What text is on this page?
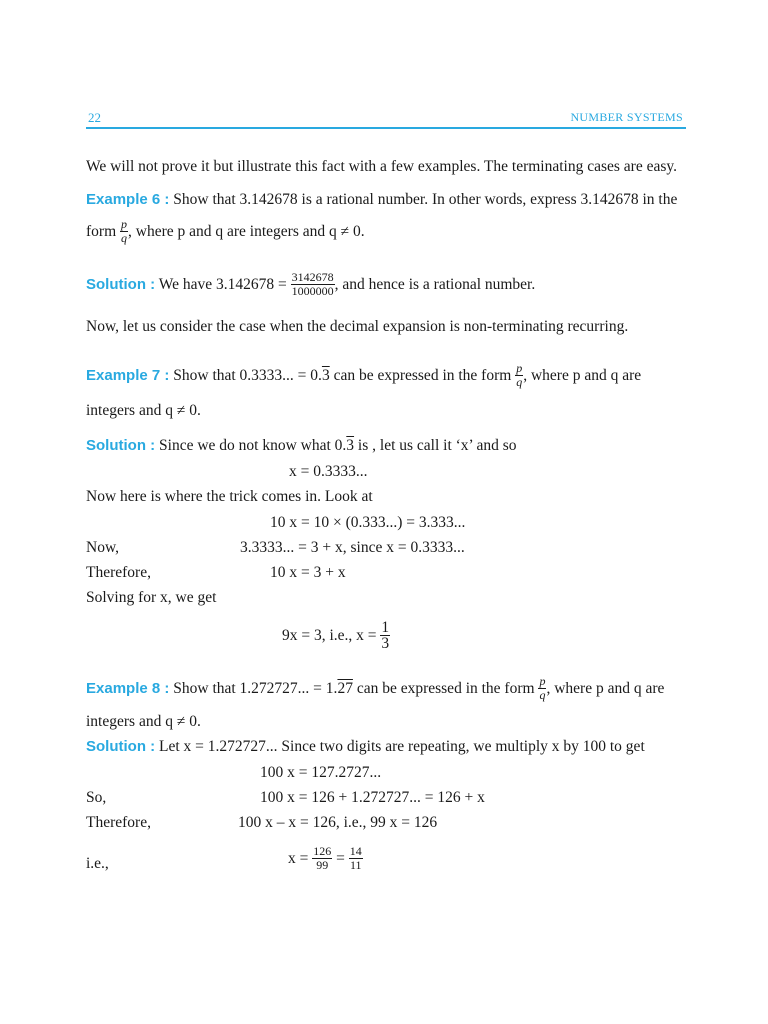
22	NUMBER SYSTEMS
We will not prove it but illustrate this fact with a few examples. The terminating cases are easy.
Example 6 : Show that 3.142678 is a rational number. In other words, express 3.142678 in the
form $\frac{p}{q}$ , where p and q are integers and q ≠ 0.
Solution : We have $3.142678 = \frac{3142678}{1000000}$ , and hence is a rational number.
Now, let us consider the case when the decimal expansion is non-terminating recurring.
Example 7 : Show that 0.3333... = 0.3 can be expressed in the form $\frac{p}{q}$ , where p and q are
integers and q ≠ 0.
Solution : Since we do not know what 0.3 is , let us call it ‘x’ and so
x = 0.3333...
Now here is where the trick comes in. Look at
10 x = 10 × (0.333...) = 3.333...
Now,	3.3333... = 3 + x, since x = 0.3333...
Therefore,	10 x = 3 + x
Solving for x, we get
9x = 3, i.e., $x = \frac{1}{3}$
Example 8 : Show that 1.272727... = 1.27 can be expressed in the form $\frac{p}{q}$ , where p and q are
integers and q ≠ 0.
Solution : Let x = 1.272727... Since two digits are repeating, we multiply x by 100 to get
100 x = 127.2727...
So,	100 x = 126 + 1.272727... = 126 + x
Therefore,	100 x – x = 126, i.e., 99 x = 126
i.e.,	$x = \frac{126}{99} = \frac{14}{11}$
